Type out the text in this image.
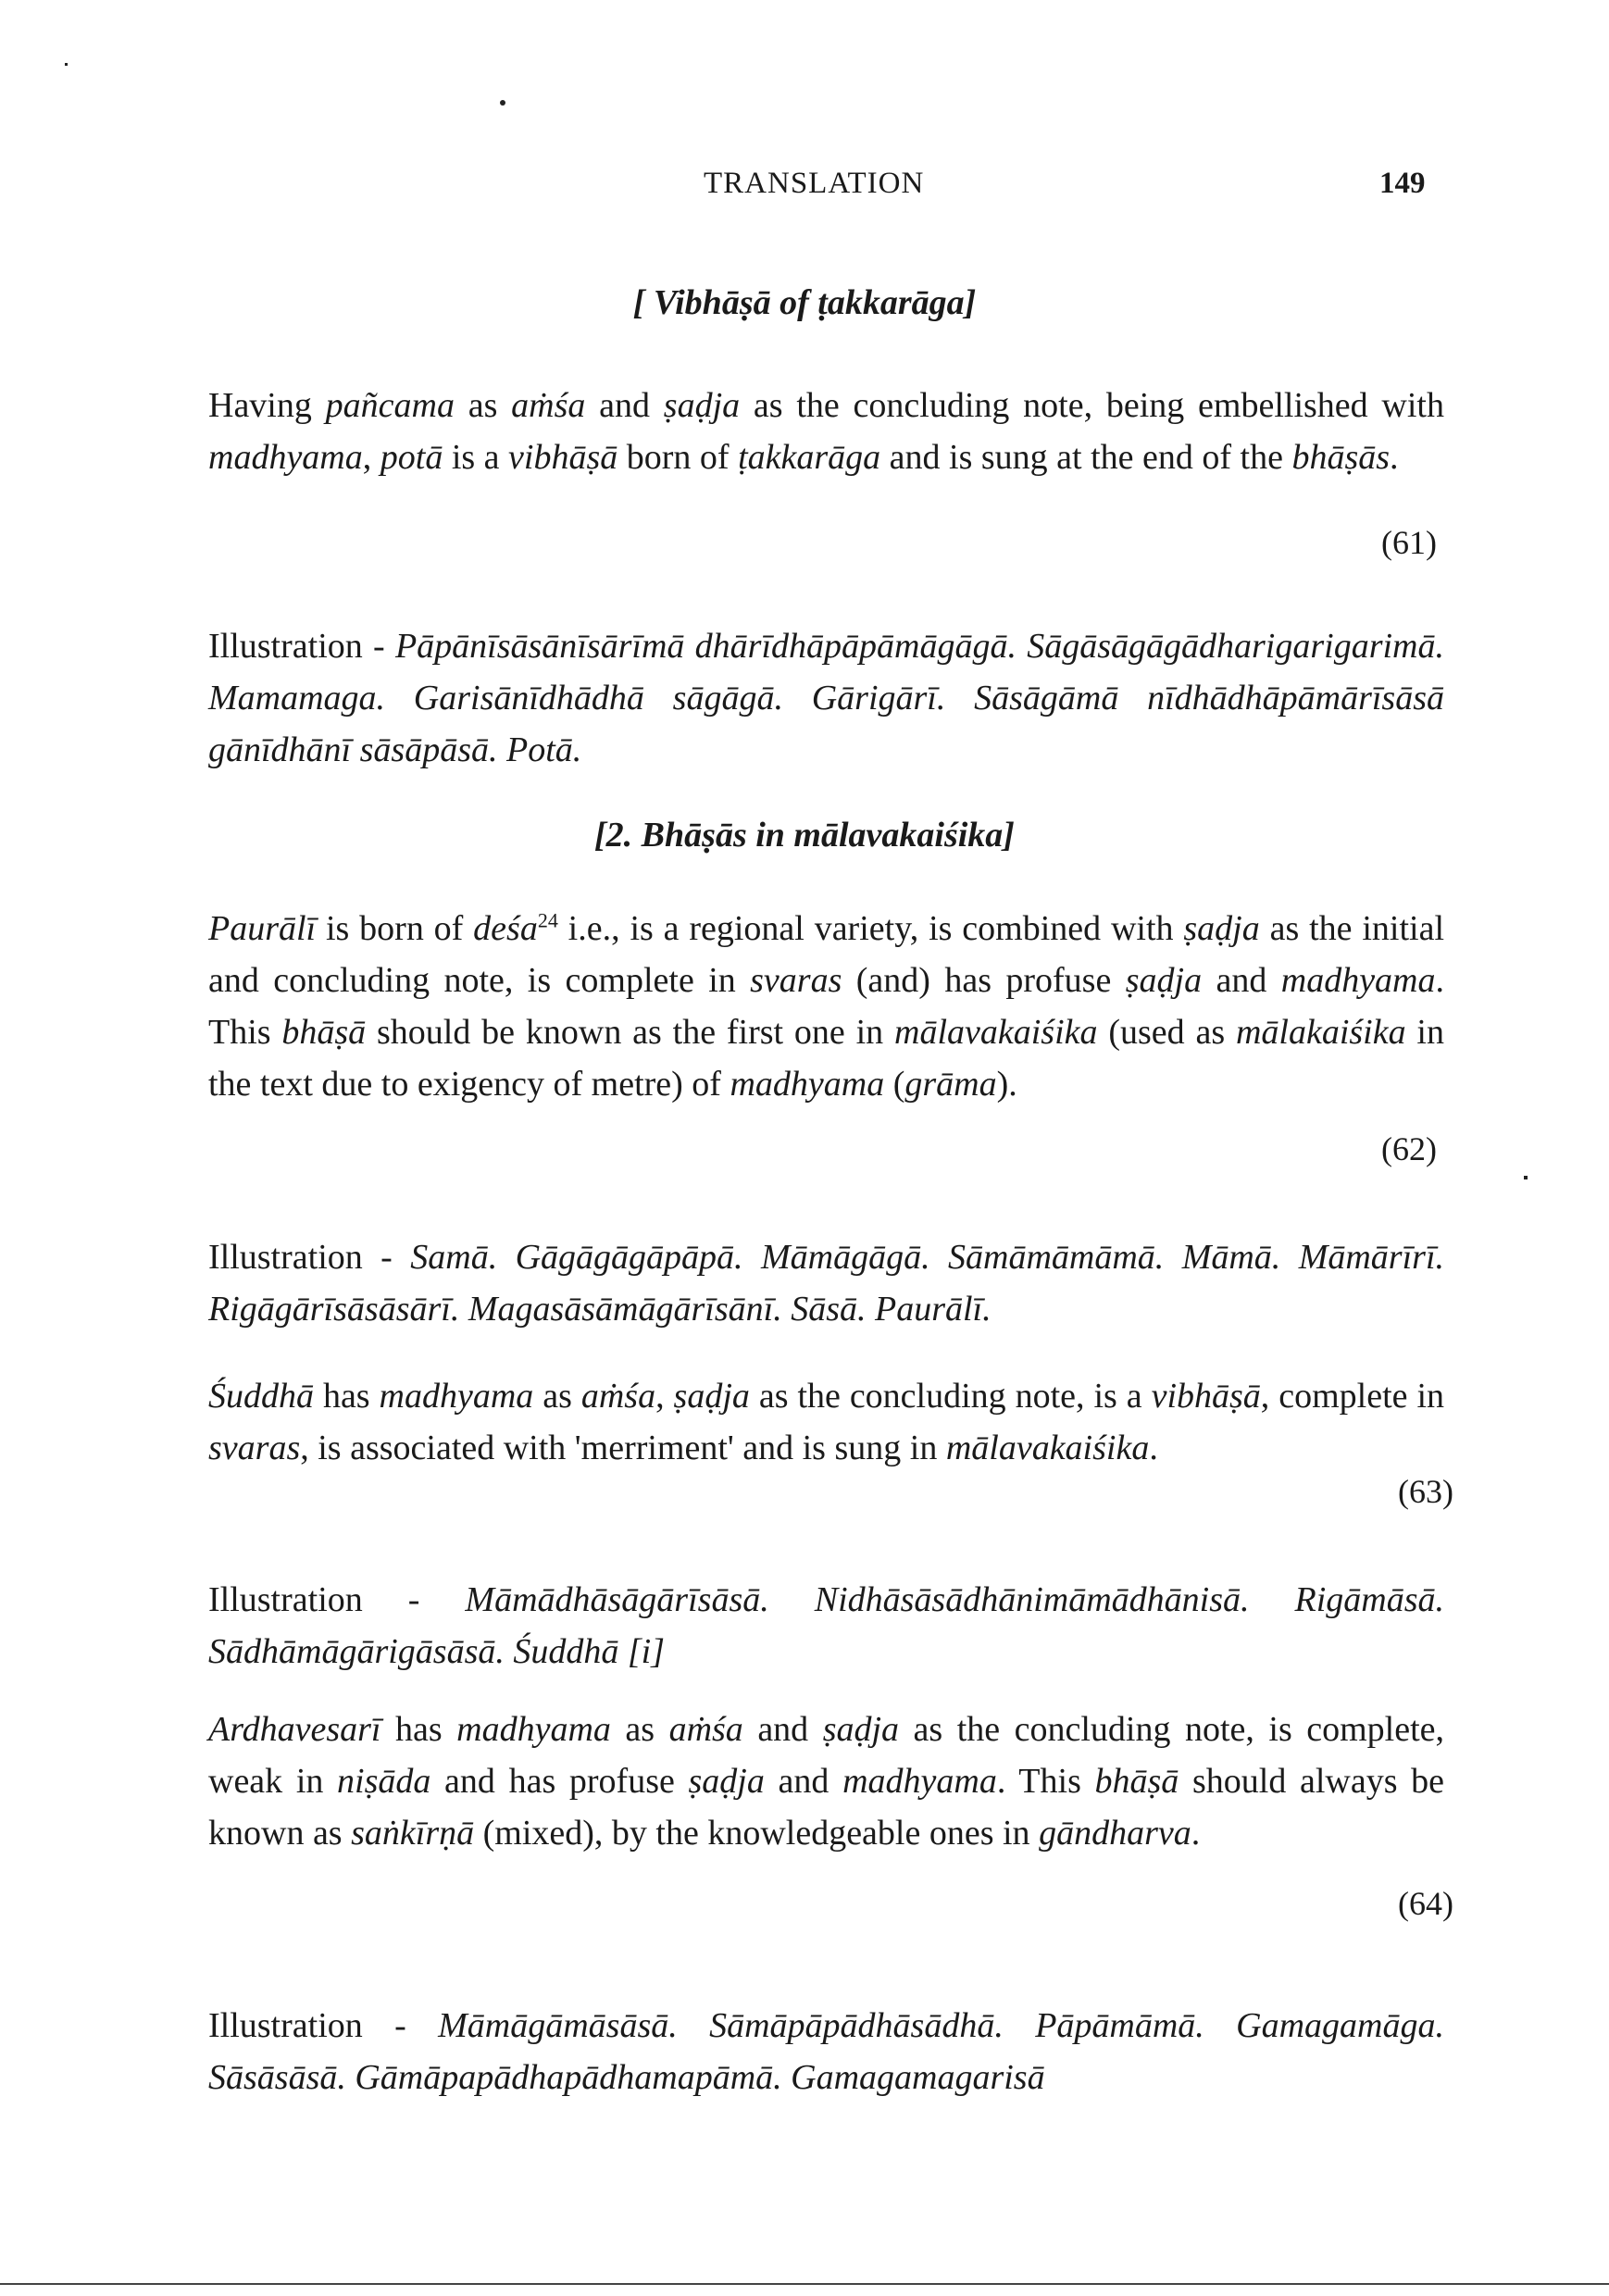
TRANSLATION	149
[ Vibhāṣā of ṭakkarāga]
Having pañcama as aṁśa and ṣaḍja as the concluding note, being embellished with madhyama, potā is a vibhāṣā born of ṭakkarāga and is sung at the end of the bhāṣās.
(61)
Illustration - Pāpānīsāsānīsārīmā dhārīdhāpāpāmāgāgā. Sāgāsāgāgādharigarigarimā. Mamamaga. Garisānīdhādhā sāgāgā. Gārigārī. Sāsāgāmā nīdhādhāpāmārīsāsā gānīdhānī sāsāpāsā. Potā.
[2. Bhāṣās in mālavakaiśika]
Paurālī is born of deśa$^{24}$ i.e., is a regional variety, is combined with ṣaḍja as the initial and concluding note, is complete in svaras (and) has profuse ṣaḍja and madhyama. This bhāṣā should be known as the first one in mālavakaiśika (used as mālakaiśika in the text due to exigency of metre) of madhyama (grāma).
(62)
Illustration - Samā. Gāgāgāgāpāpā. Māmāgāgā. Sāmāmāmāmā. Māmā. Māmārīrī. Rigāgārīsāsāsārī. Magasāsāmāgārīsānī. Sāsā. Paurālī.
Śuddhā has madhyama as aṁśa, ṣaḍja as the concluding note, is a vibhāṣā, complete in svaras, is associated with 'merriment' and is sung in mālavakaiśika.
(63)
Illustration - Māmādhāsāgārīsāsā. Nidhāsāsādhānimāmādhānisā. Rigāmāsā. Sādhāmāgārigāsāsā. Śuddhā [i]
Ardhavesarī has madhyama as aṁśa and ṣaḍja as the concluding note, is complete, weak in niṣāda and has profuse ṣaḍja and madhyama. This bhāṣā should always be known as saṅkīrṇā (mixed), by the knowledgeable ones in gāndharva.
(64)
Illustration - Māmāgāmāsāsā. Sāmāpāpādhāsādhā. Pāpāmāmā. Gamagamāga. Sāsāsāsā. Gāmāpapādhapādhamapāmā. Gamagamagarisā
